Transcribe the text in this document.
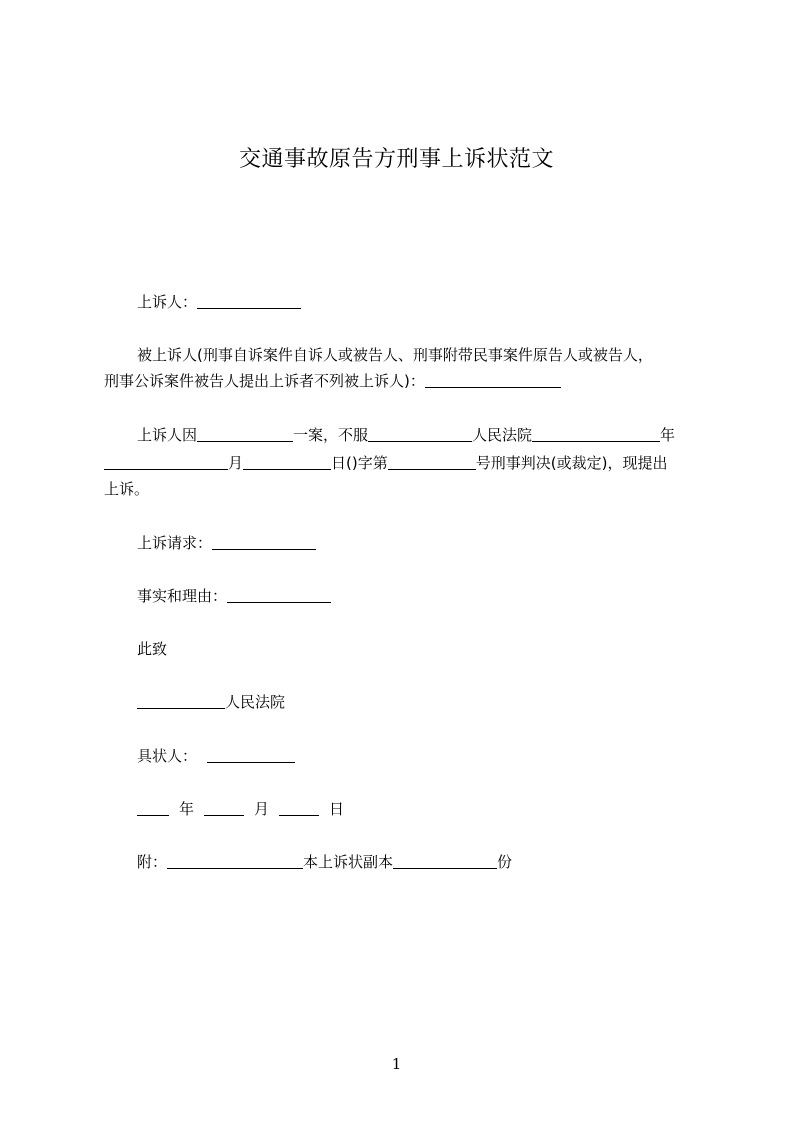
交通事故原告方刑事上诉状范文
上诉人：
被上诉人(刑事自诉案件自诉人或被告人、刑事附带民事案件原告人或被告人，
刑事公诉案件被告人提出上诉者不列被上诉人)：
上诉人因	一案，不服	人民法院	年
月	日()字第	号刑事判决(或裁定)，现提出
上诉。
上诉请求：
事实和理由：
此致
人民法院
具状人：
年	月	日
附：	本上诉状副本	份
1
